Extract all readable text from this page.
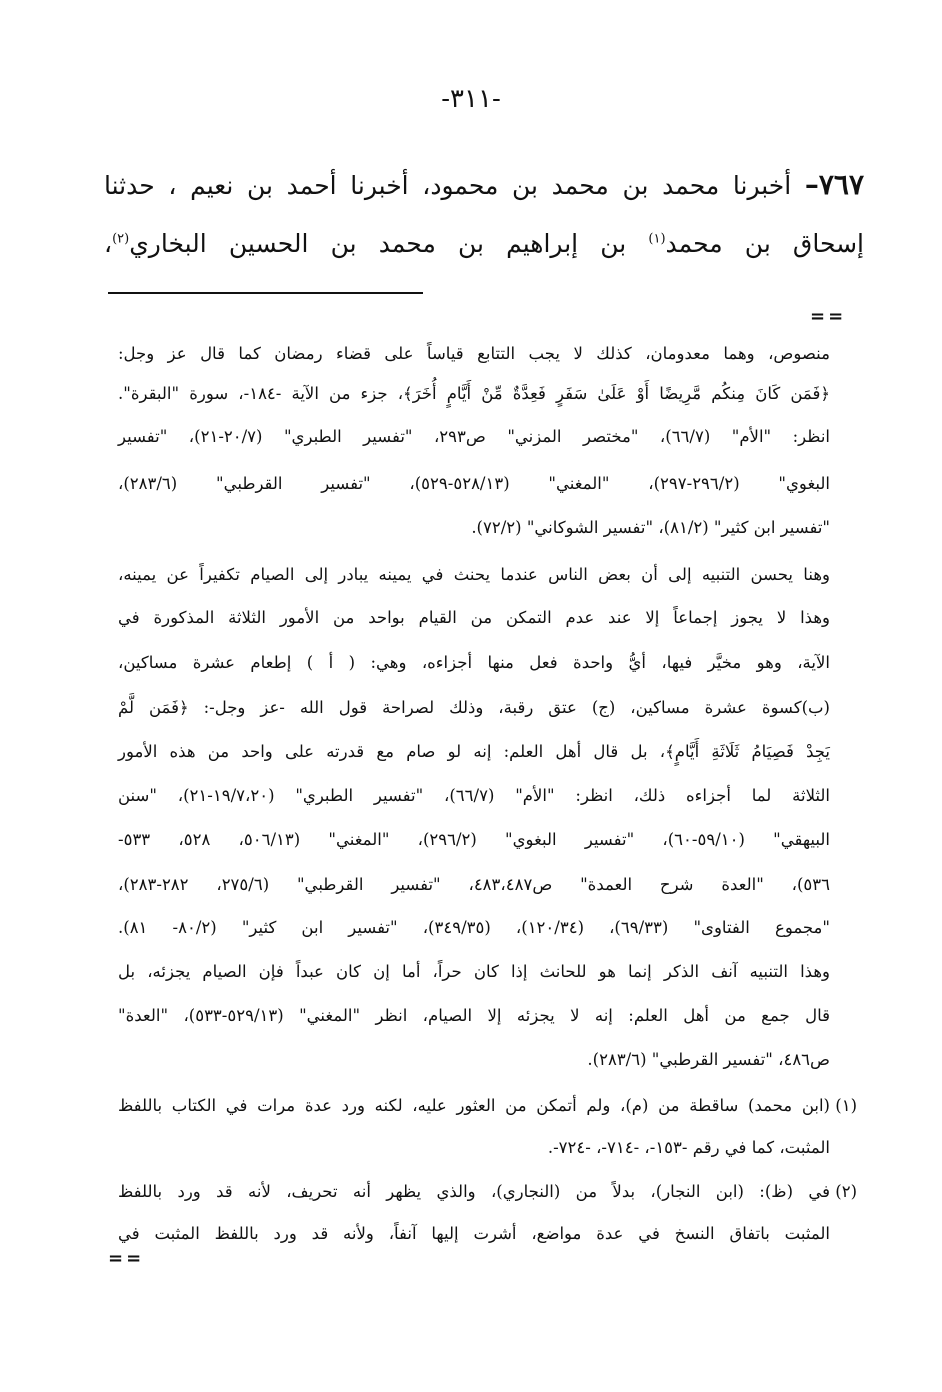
-٣١١-
٧٦٧– أخبرنا محمد بن محمد بن محمود، أخبرنا أحمد بن نعيم ، حدثنا
إسحاق بن محمد$^{(١)}$ بن إبراهيم بن محمد بن الحسين البخاري$^{(٢)}$،
==
منصوص، وهما معدومان، كذلك لا يجب التتابع قياساً على قضاء رمضان كما قال عز وجل:
﴿فَمَن كَانَ مِنكُم مَّرِيضًا أَوْ عَلَىٰ سَفَرٍ فَعِدَّةٌ مِّنْ أَيَّامٍ أُخَرَ﴾، جزء من الآية -١٨٤-، سورة "البقرة".
انظر: "الأم" (٦٦/٧)، "مختصر المزني" ص٢٩٣، "تفسير الطبري" (٢٠/٧-٢١)، "تفسير
البغوي" (٢٩٦/٢-٢٩٧)، "المغني" (٥٢٨/١٣-٥٢٩)، "تفسير القرطبي" (٢٨٣/٦)،
"تفسير ابن كثير" (٨١/٢)، "تفسير الشوكاني" (٧٢/٢).
وهنا يحسن التنبيه إلى أن بعض الناس عندما يحنث في يمينه يبادر إلى الصيام تكفيراً عن يمينه،
وهذا لا يجوز إجماعاً إلا عند عدم التمكن من القيام بواحد من الأمور الثلاثة المذكورة في
الآية، وهو مخيَّر فيها، أيُّ واحدة فعل منها أجزاءه، وهي: ( أ ) إطعام عشرة مساكين،
(ب)كسوة عشرة مساكين، (ج) عتق رقبة، وذلك لصراحة قول الله -عز وجل-: ﴿فَمَن لَّمْ
يَجِدْ فَصِيَامُ ثَلَاثَةِ أَيَّامٍ﴾، بل قال أهل العلم: إنه لو صام مع قدرته على واحد من هذه الأمور
الثلاثة لما أجزاءه ذلك، انظر: "الأم" (٦٦/٧)، "تفسير الطبري" (١٩/٧،٢٠-٢١)، "سنن
البيهقي" (٥٩/١٠-٦٠)، "تفسير البغوي" (٢٩٦/٢)، "المغني" (٥٠٦/١٣، ٥٢٨، ٥٣٣-
٥٣٦)، "العدة شرح العمدة" ص٤٨٣،٤٨٧، "تفسير القرطبي" (٢٧٥/٦، ٢٨٢-٢٨٣)،
"مجموع الفتاوى" (٦٩/٣٣)، (١٢٠/٣٤)، (٣٤٩/٣٥)، "تفسير ابن كثير" (٨٠/٢- ٨١).
وهذا التنبيه آنف الذكر إنما هو للحانث إذا كان حراً، أما إن كان عبداً فإن الصيام يجزئه، بل
قال جمع من أهل العلم: إنه لا يجزئه إلا الصيام، انظر "المغني" (٥٢٩/١٣-٥٣٣)، "العدة"
ص٤٨٦، "تفسير القرطبي" (٢٨٣/٦).
(١)
(ابن محمد) ساقطة من (م)، ولم أتمكن من العثور عليه، لكنه ورد عدة مرات في الكتاب باللفظ
المثبت، كما في رقم -١٥٣-، -٧١٤-، -٧٢٤-.
(٢)
في (ظ): (ابن النجار)، بدلاً من (النجاري)، والذي يظهر أنه تحريف، لأنه قد ورد باللفظ
المثبت باتفاق النسخ في عدة مواضع، أشرت إليها آنفاً، ولأنه قد ورد باللفظ المثبت في
==
